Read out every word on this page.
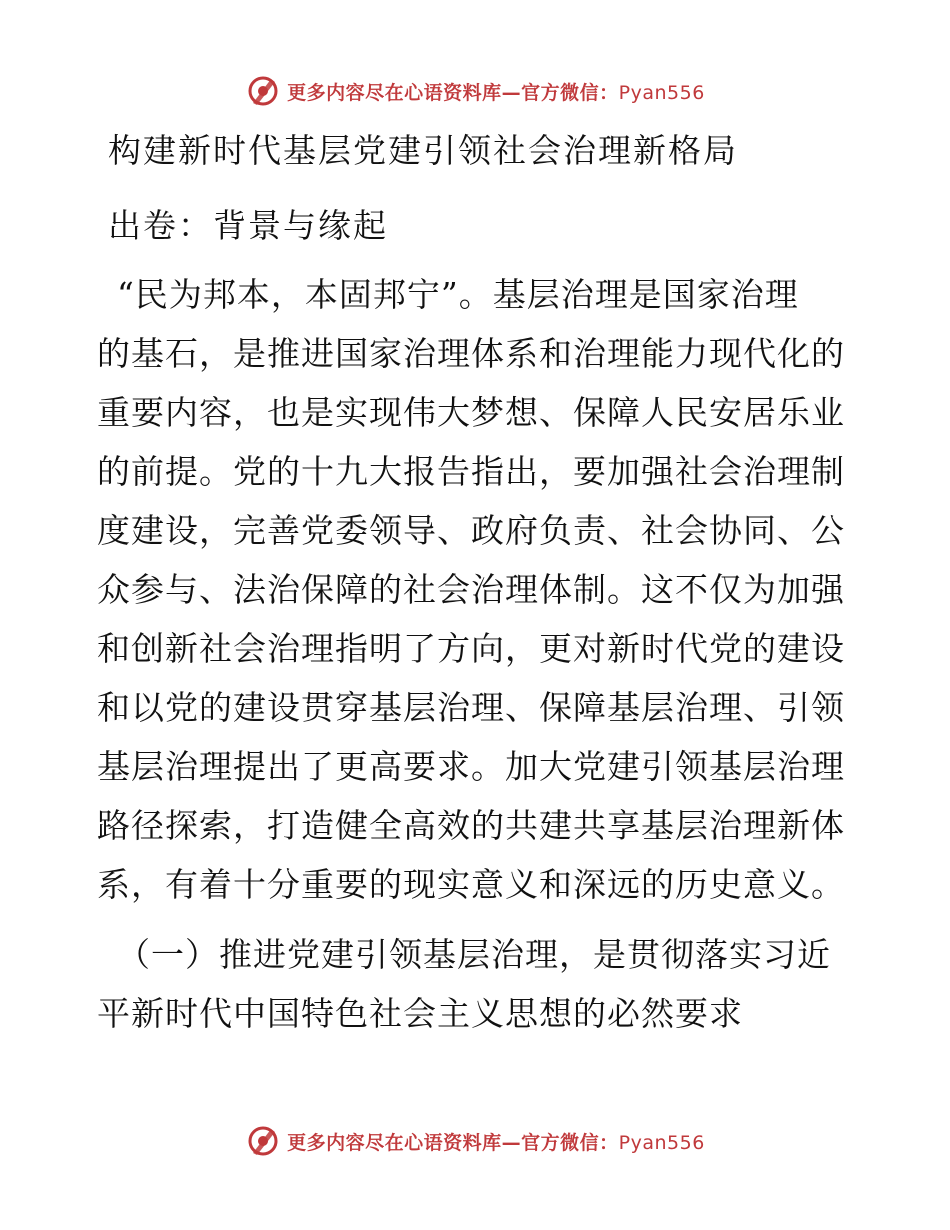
更多内容尽在心语资料库—官方微信：Pyan556
构建新时代基层党建引领社会治理新格局
出卷：背景与缘起
“民为邦本，本固邦宁”。基层治理是国家治理
的基石，是推进国家治理体系和治理能力现代化的
重要内容，也是实现伟大梦想、保障人民安居乐业
的前提。党的十九大报告指出，要加强社会治理制
度建设，完善党委领导、政府负责、社会协同、公
众参与、法治保障的社会治理体制。这不仅为加强
和创新社会治理指明了方向，更对新时代党的建设
和以党的建设贯穿基层治理、保障基层治理、引领
基层治理提出了更高要求。加大党建引领基层治理
路径探索，打造健全高效的共建共享基层治理新体
系，有着十分重要的现实意义和深远的历史意义。
（一）推进党建引领基层治理，是贯彻落实习近
平新时代中国特色社会主义思想的必然要求
更多内容尽在心语资料库—官方微信：Pyan556
